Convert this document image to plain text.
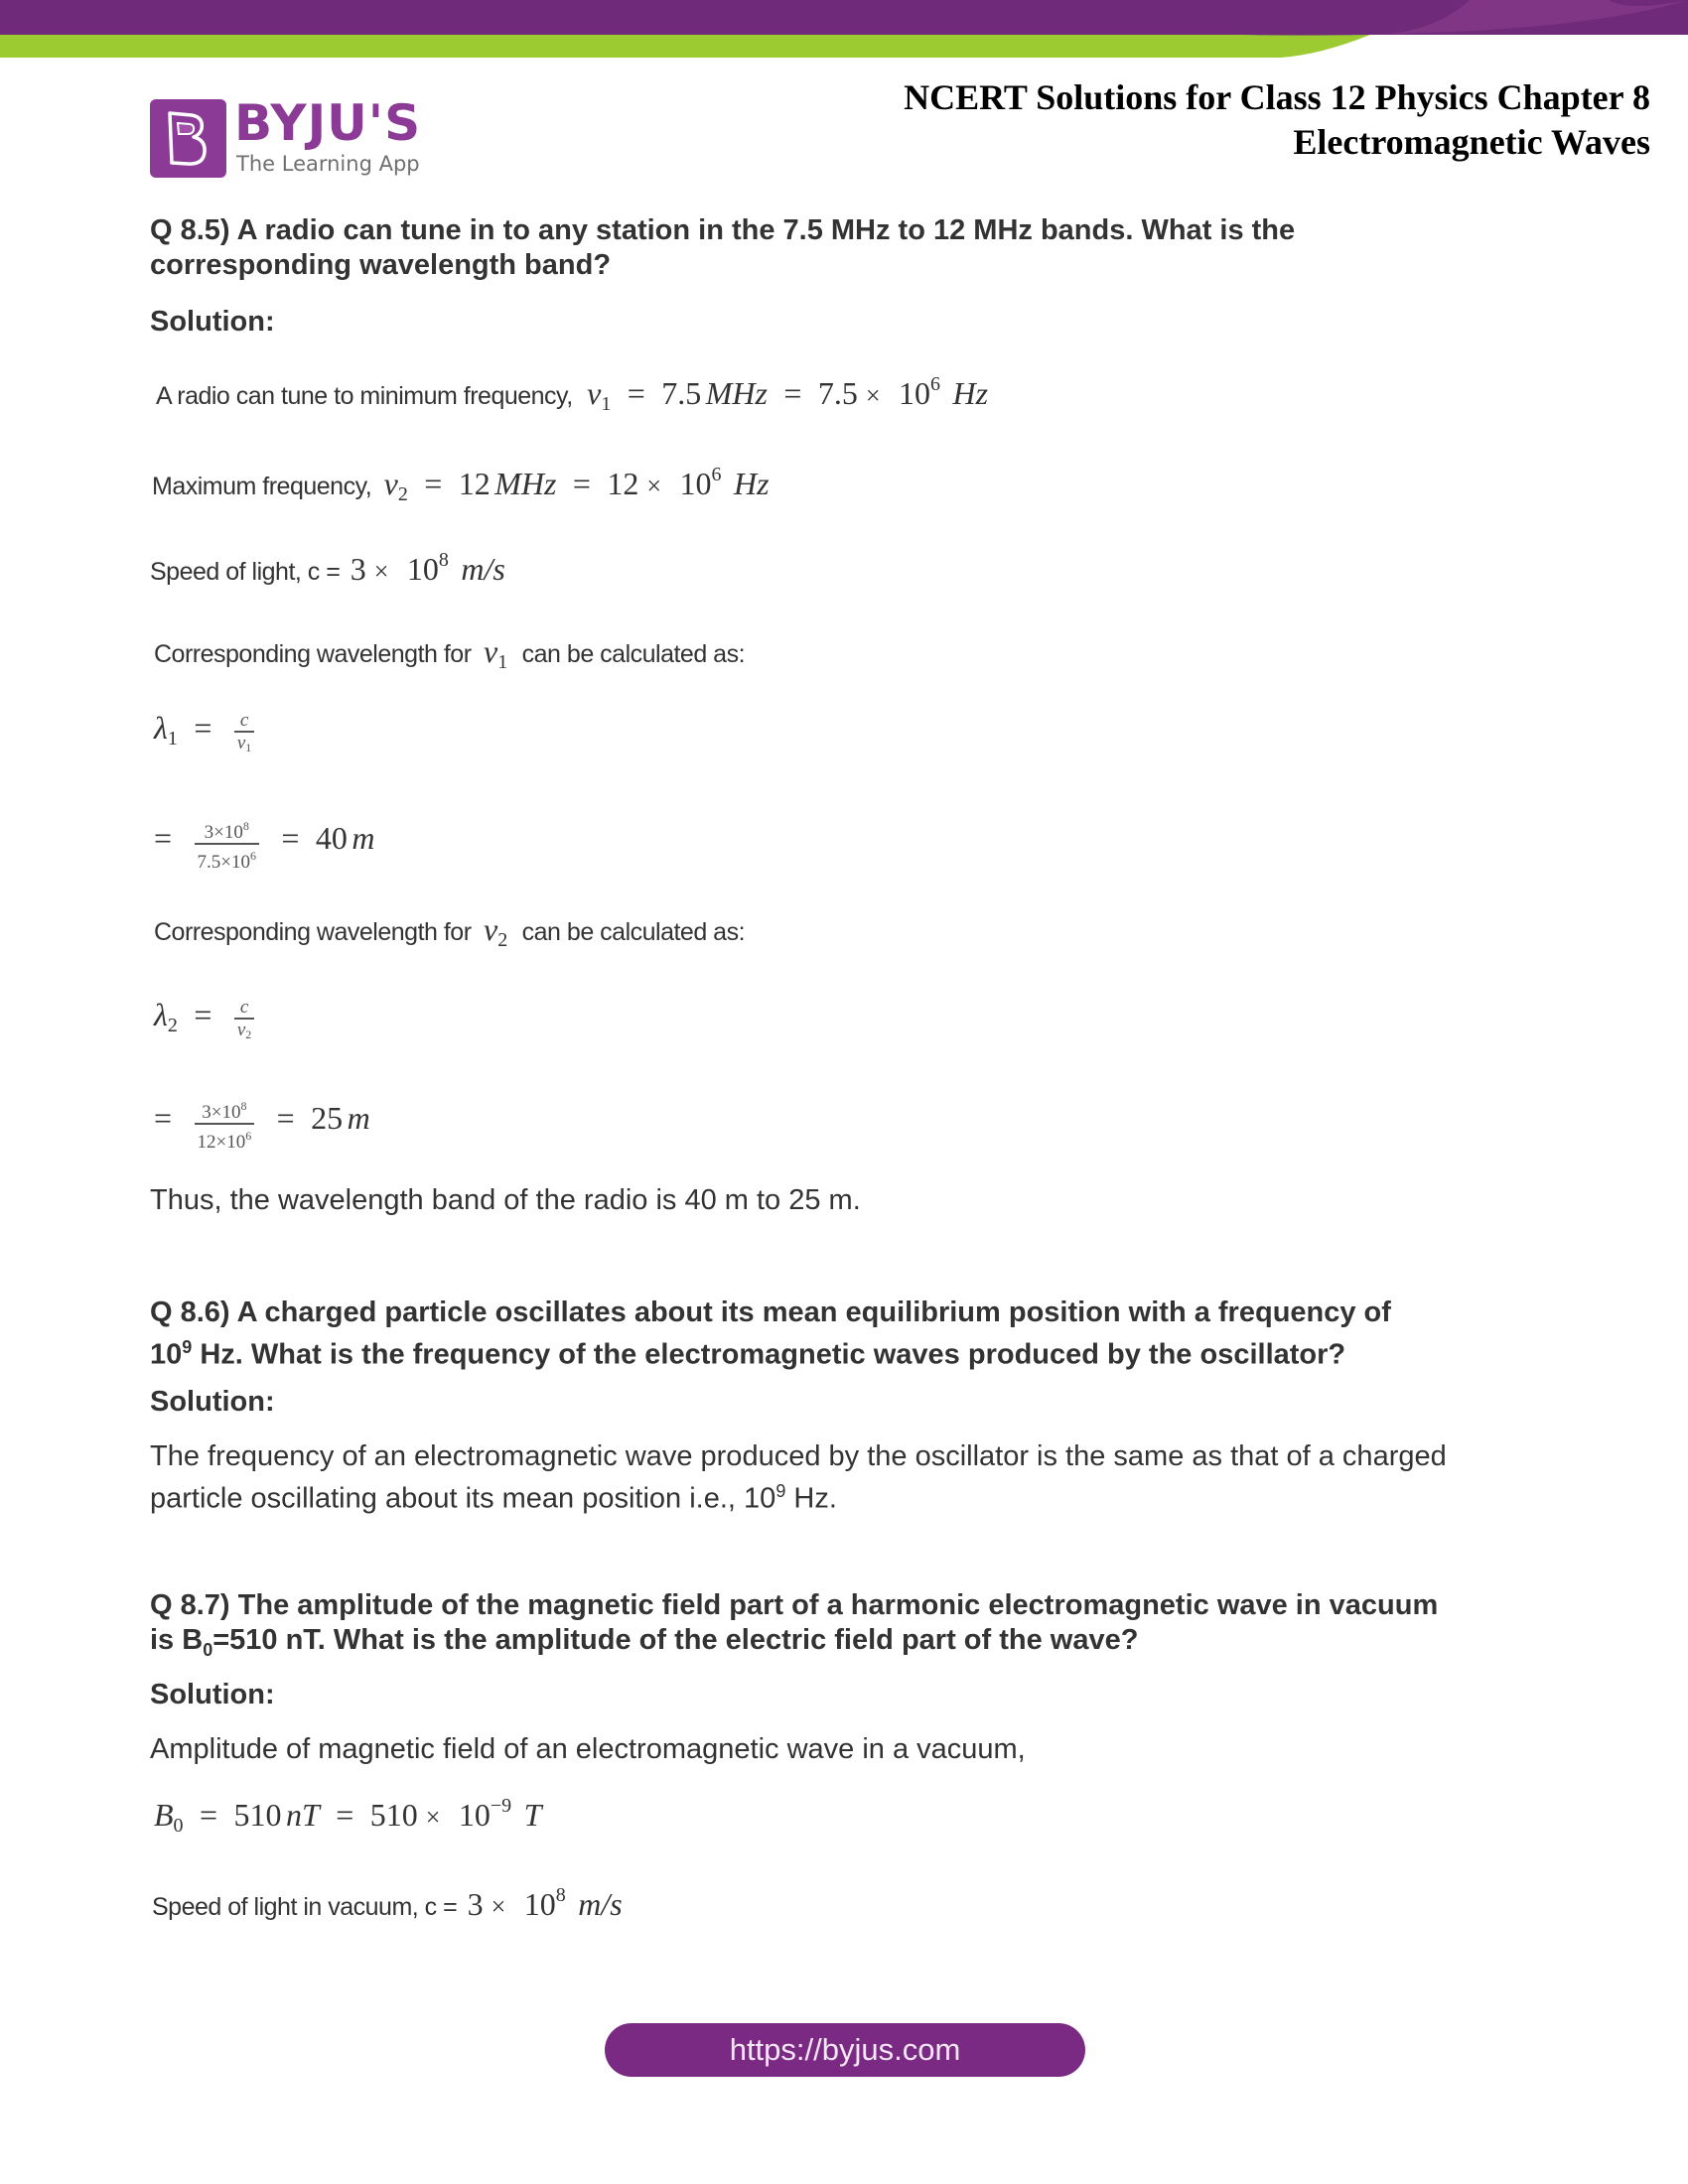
BYJU'S
The Learning App
NCERT Solutions for Class 12 Physics Chapter 8
Electromagnetic Waves
Q 8.5) A radio can tune in to any station in the 7.5 MHz to 12 MHz bands. What is the
corresponding wavelength band?
Solution:
A radio can tune to minimum frequency, v1 = 7.5 MHz = 7.5 × 106 Hz
Maximum frequency, v2 = 12 MHz = 12 × 106 Hz
Speed of light, c = 3 × 108 m/s
Corresponding wavelength for v1 can be calculated as:
$\lambda 1 = \frac{c}{v1}$
= $\frac{3\times 10^8}{7.5\times 10^6} = 40$ m
Corresponding wavelength for v2 can be calculated as:
$\lambda 2 = \frac{c}{v2}$
= $\frac{3\times 10^8}{12\times 10^6} = 25$ m
Thus, the wavelength band of the radio is 40 m to 25 m.
Q 8.6) A charged particle oscillates about its mean equilibrium position with a frequency of
$10^9$ Hz. What is the frequency of the electromagnetic waves produced by the oscillator?
Solution:
The frequency of an electromagnetic wave produced by the oscillator is the same as that of a charged
particle oscillating about its mean position i.e., $10^9$ Hz.
Q 8.7) The amplitude of the magnetic field part of a harmonic electromagnetic wave in vacuum
is $B_0=510$ nT. What is the amplitude of the electric field part of the wave?
Solution:
Amplitude of magnetic field of an electromagnetic wave in a vacuum,
B0 = 510 nT = 510 × 10−9 T
Speed of light in vacuum, c = 3 × 108 m/s
https://byjus.com
